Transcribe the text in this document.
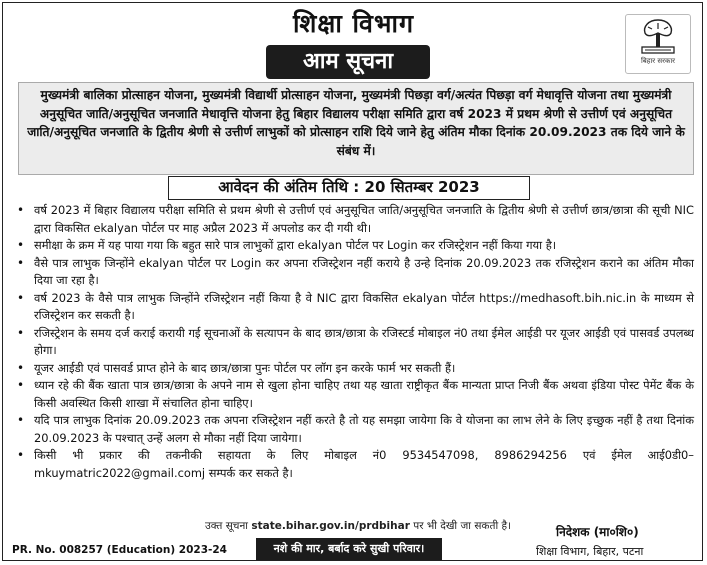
शिक्षा विभाग
आम सूचना	बिहार सरकार
मुख्यमंत्री बालिका प्रोत्साहन योजना, मुख्यमंत्री विद्यार्थी प्रोत्साहन योजना, मुख्यमंत्री पिछड़ा वर्ग/अत्यंत पिछड़ा वर्ग मेधावृत्ति योजना तथा मुख्यमंत्री अनुसूचित जाति/अनुसूचित जनजाति मेधावृत्ति योजना हेतु बिहार विद्यालय परीक्षा समिति द्वारा वर्ष 2023 में प्रथम श्रेणी से उत्तीर्ण एवं अनुसूचित जाति/अनुसूचित जनजाति के द्वितीय श्रेणी से उत्तीर्ण लाभुकों को प्रोत्साहन राशि दिये जाने हेतु अंतिम मौका दिनांक 20.09.2023 तक दिये जाने के संबंध में।
आवेदन की अंतिम तिथि : 20 सितम्बर 2023
• वर्ष 2023 में बिहार विद्यालय परीक्षा समिति से प्रथम श्रेणी से उत्तीर्ण एवं अनुसूचित जाति/अनुसूचित जनजाति के द्वितीय श्रेणी से उत्तीर्ण छात्र/छात्रा की सूची NIC द्वारा विकसित ekalyan पोर्टल पर माह अप्रैल 2023 में अपलोड कर दी गयी थी।
• समीक्षा के क्रम में यह पाया गया कि बहुत सारे पात्र लाभुकों द्वारा ekalyan पोर्टल पर Login कर रजिस्ट्रेशन नहीं किया गया है।
• वैसे पात्र लाभुक जिन्होंने ekalyan पोर्टल पर Login कर अपना रजिस्ट्रेशन नहीं कराये है उन्हे दिनांक 20.09.2023 तक रजिस्ट्रेशन कराने का अंतिम मौका दिया जा रहा है।
• वर्ष 2023 के वैसे पात्र लाभुक जिन्होंने रजिस्ट्रेशन नहीं किया है वे NIC द्वारा विकसित ekalyan पोर्टल https://medhasoft.bih.nic.in के माध्यम से रजिस्ट्रेशन कर सकती है।
• रजिस्ट्रेशन के समय दर्ज कराई करायी गई सूचनाओं के सत्यापन के बाद छात्र/छात्रा के रजिस्टर्ड मोबाइल नं0 तथा ईमेल आईडी पर यूजर आईडी एवं पासवर्ड उपलब्ध होगा।
• यूजर आईडी एवं पासवर्ड प्राप्त होने के बाद छात्र/छात्रा पुनः पोर्टल पर लॉग इन करके फार्म भर सकती हैं।
• ध्यान रहे की बैंक खाता पात्र छात्र/छात्रा के अपने नाम से खुला होना चाहिए तथा यह खाता राष्ट्रीकृत बैंक मान्यता प्राप्त निजी बैंक अथवा इंडिया पोस्ट पेमेंट बैंक के किसी अवस्थित किसी शाखा में संचालित होना चाहिए।
• यदि पात्र लाभुक दिनांक 20.09.2023 तक अपना रजिस्ट्रेशन नहीं करते है तो यह समझा जायेगा कि वे योजना का लाभ लेने के लिए इच्छुक नहीं है तथा दिनांक 20.09.2023 के पश्चात् उन्हें अलग से मौका नहीं दिया जायेगा।
• किसी भी प्रकार की तकनीकी सहायता के लिए मोबाइल नं0 9534547098, 8986294256 एवं ईमेल आई0डी0– mkuymatric2022@gmail.comj सम्पर्क कर सकते है।
उक्त सूचना state.bihar.gov.in/prdbihar पर भी देखी जा सकती है।
PR. No. 008257 (Education) 2023-24	नशे की मार, बर्बाद करे सुखी परिवार।
निदेशक (मा०शि०)
शिक्षा विभाग, बिहार, पटना
